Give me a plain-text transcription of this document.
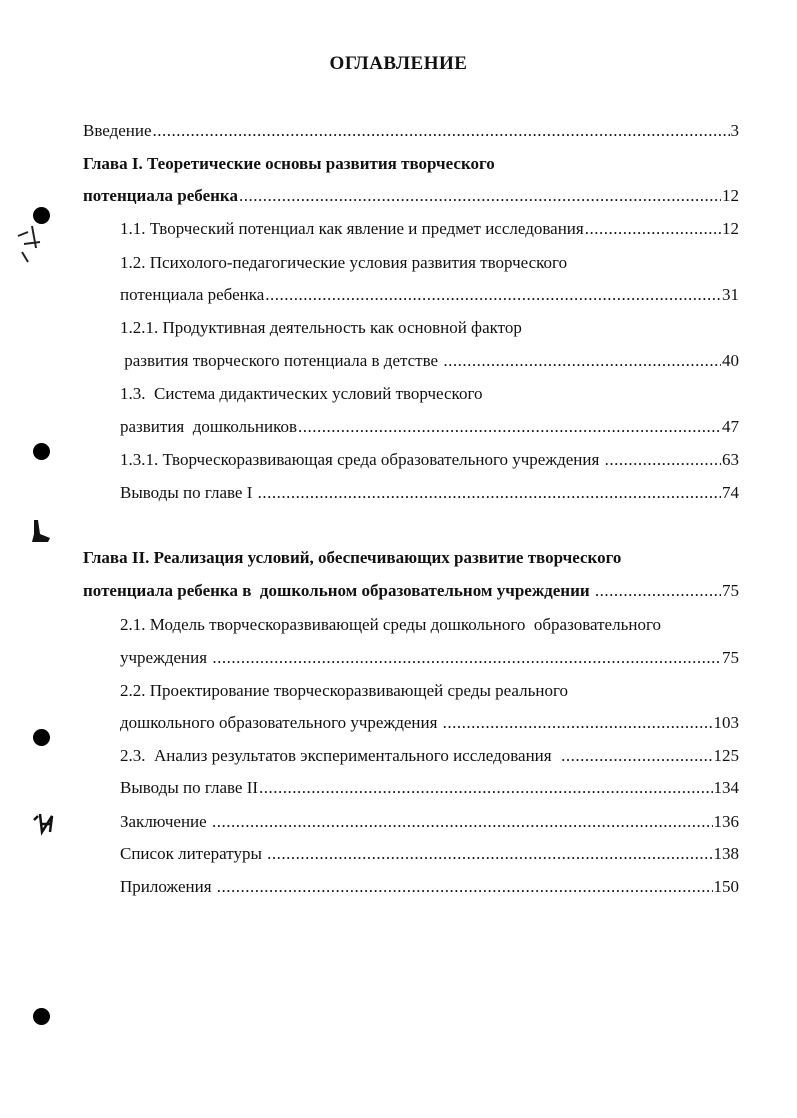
ОГЛАВЛЕНИЕ
Введение .....	3
Глава I. Теоретические основы развития творческого
потенциала ребенка .....	12
1.1. Творческий потенциал как явление и предмет исследования .....	12
1.2. Психолого-педагогические условия развития творческого
потенциала ребенка .....	31
1.2.1. Продуктивная деятельность как основной фактор
развития творческого потенциала в детстве .....	40
1.3.  Система дидактических условий творческого
развития  дошкольников .....	47
1.3.1. Творческоразвивающая среда образовательного учреждения .....	63
Выводы по главе I .....	74
Глава II. Реализация условий, обеспечивающих развитие творческого
потенциала ребенка в  дошкольном образовательном учреждении .....	75
2.1. Модель творческоразвивающей среды дошкольного  образовательного
учреждения .....	75
2.2. Проектирование творческоразвивающей среды реального
дошкольного образовательного учреждения .....	103
2.3.  Анализ результатов экспериментального исследования .....	125
Выводы по главе II .....	134
Заключение .....	136
Список литературы .....	138
Приложения .....	150
